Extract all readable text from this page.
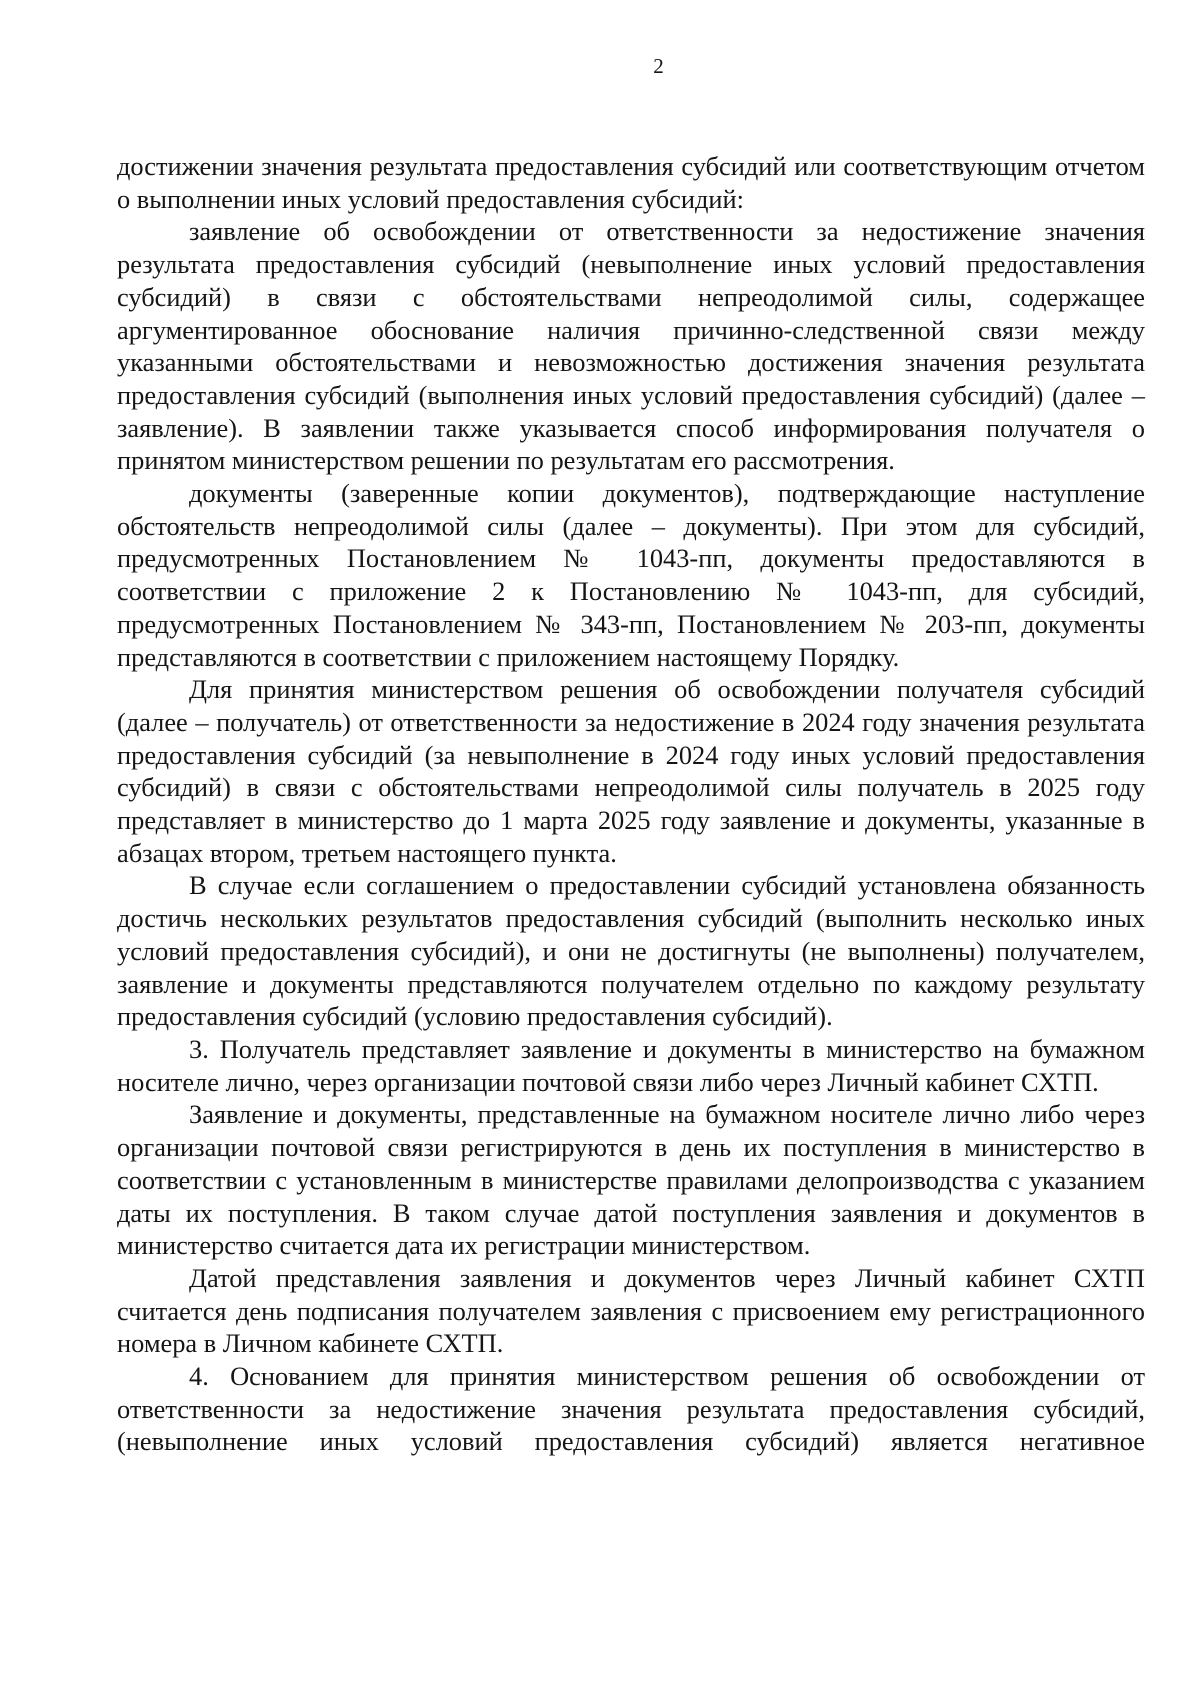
2

достижении значения результата предоставления субсидий или соответствующим отчетом о выполнении иных условий предоставления субсидий:

заявление об освобождении от ответственности за недостижение значения результата предоставления субсидий (невыполнение иных условий предоставления субсидий) в связи с обстоятельствами непреодолимой силы, содержащее аргументированное обоснование наличия причинно-следственной связи между указанными обстоятельствами и невозможностью достижения значения результата предоставления субсидий (выполнения иных условий предоставления субсидий) (далее – заявление). В заявлении также указывается способ информирования получателя о принятом министерством решении по результатам его рассмотрения.

документы (заверенные копии документов), подтверждающие наступление обстоятельств непреодолимой силы (далее – документы). При этом для субсидий, предусмотренных Постановлением № 1043-пп, документы предоставляются в соответствии с приложение 2 к Постановлению № 1043-пп, для субсидий, предусмотренных Постановлением № 343-пп, Постановлением № 203-пп, документы представляются в соответствии с приложением настоящему Порядку.

Для принятия министерством решения об освобождении получателя субсидий (далее – получатель) от ответственности за недостижение в 2024 году значения результата предоставления субсидий (за невыполнение в 2024 году иных условий предоставления субсидий) в связи с обстоятельствами непреодолимой силы получатель в 2025 году представляет в министерство до 1 марта 2025 году заявление и документы, указанные в абзацах втором, третьем настоящего пункта.

В случае если соглашением о предоставлении субсидий установлена обязанность достичь нескольких результатов предоставления субсидий (выполнить несколько иных условий предоставления субсидий), и они не достигнуты (не выполнены) получателем, заявление и документы представляются получателем отдельно по каждому результату предоставления субсидий (условию предоставления субсидий).

3. Получатель представляет заявление и документы в министерство на бумажном носителе лично, через организации почтовой связи либо через Личный кабинет СХТП.

Заявление и документы, представленные на бумажном носителе лично либо через организации почтовой связи регистрируются в день их поступления в министерство в соответствии с установленным в министерстве правилами делопроизводства с указанием даты их поступления. В таком случае датой поступления заявления и документов в министерство считается дата их регистрации министерством.

Датой представления заявления и документов через Личный кабинет СХТП считается день подписания получателем заявления с присвоением ему регистрационного номера в Личном кабинете СХТП.

4. Основанием для принятия министерством решения об освобождении от ответственности за недостижение значения результата предоставления субсидий, (невыполнение иных условий предоставления субсидий) является негативное
